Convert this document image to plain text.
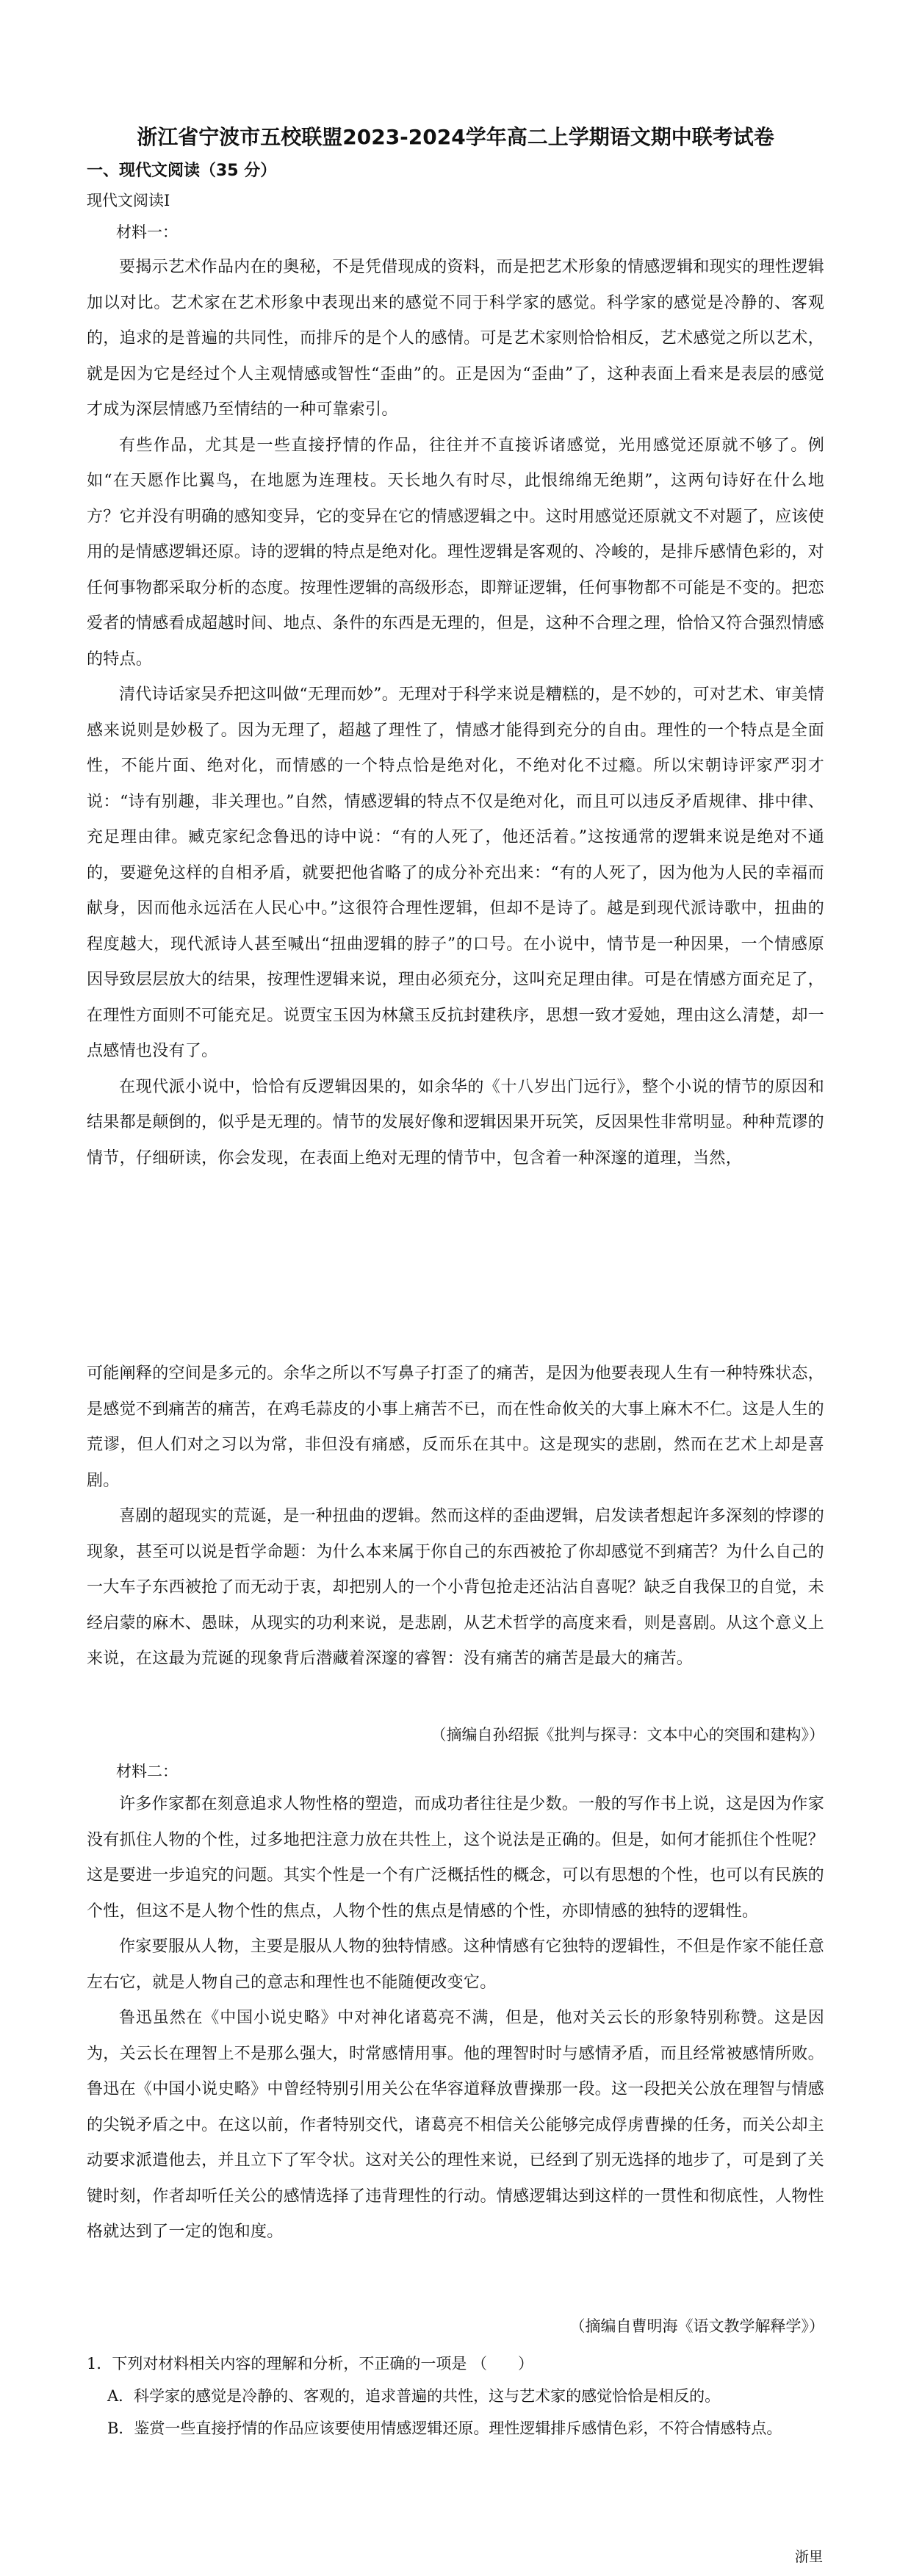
浙江省宁波市五校联盟2023-2024学年高二上学期语文期中联考试卷
一、现代文阅读（35 分）
现代文阅读Ⅰ
材料一：

要揭示艺术作品内在的奥秘，不是凭借现成的资料，而是把艺术形象的情感逻辑和现实的理性逻辑加以对比。艺术家在艺术形象中表现出来的感觉不同于科学家的感觉。科学家的感觉是冷静的、客观的，追求的是普遍的共同性，而排斥的是个人的感情。可是艺术家则恰恰相反，艺术感觉之所以艺术，就是因为它是经过个人主观情感或智性“歪曲”的。正是因为“歪曲”了，这种表面上看来是表层的感觉才成为深层情感乃至情结的一种可靠索引。

有些作品，尤其是一些直接抒情的作品，往往并不直接诉诸感觉，光用感觉还原就不够了。例如“在天愿作比翼鸟，在地愿为连理枝。天长地久有时尽，此恨绵绵无绝期”，这两句诗好在什么地方？它并没有明确的感知变异，它的变异在它的情感逻辑之中。这时用感觉还原就文不对题了，应该使用的是情感逻辑还原。诗的逻辑的特点是绝对化。理性逻辑是客观的、冷峻的，是排斥感情色彩的，对任何事物都采取分析的态度。按理性逻辑的高级形态，即辩证逻辑，任何事物都不可能是不变的。把恋爱者的情感看成超越时间、地点、条件的东西是无理的，但是，这种不合理之理，恰恰又符合强烈情感的特点。

清代诗话家吴乔把这叫做“无理而妙”。无理对于科学来说是糟糕的，是不妙的，可对艺术、审美情感来说则是妙极了。因为无理了，超越了理性了，情感才能得到充分的自由。理性的一个特点是全面性，不能片面、绝对化，而情感的一个特点恰是绝对化，不绝对化不过瘾。所以宋朝诗评家严羽才说：“诗有别趣，非关理也。”自然，情感逻辑的特点不仅是绝对化，而且可以违反矛盾规律、排中律、充足理由律。臧克家纪念鲁迅的诗中说：“有的人死了，他还活着。”这按通常的逻辑来说是绝对不通的，要避免这样的自相矛盾，就要把他省略了的成分补充出来：“有的人死了，因为他为人民的幸福而献身，因而他永远活在人民心中。”这很符合理性逻辑，但却不是诗了。越是到现代派诗歌中，扭曲的程度越大，现代派诗人甚至喊出“扭曲逻辑的脖子”的口号。在小说中，情节是一种因果，一个情感原因导致层层放大的结果，按理性逻辑来说，理由必须充分，这叫充足理由律。可是在情感方面充足了，在理性方面则不可能充足。说贾宝玉因为林黛玉反抗封建秩序，思想一致才爱她，理由这么清楚，却一点感情也没有了。

在现代派小说中，恰恰有反逻辑因果的，如余华的《十八岁出门远行》，整个小说的情节的原因和结果都是颠倒的，似乎是无理的。情节的发展好像和逻辑因果开玩笑，反因果性非常明显。种种荒谬的情节，仔细研读，你会发现，在表面上绝对无理的情节中，包含着一种深邃的道理，当然，

可能阐释的空间是多元的。余华之所以不写鼻子打歪了的痛苦，是因为他要表现人生有一种特殊状态，是感觉不到痛苦的痛苦，在鸡毛蒜皮的小事上痛苦不已，而在性命攸关的大事上麻木不仁。这是人生的荒谬，但人们对之习以为常，非但没有痛感，反而乐在其中。这是现实的悲剧，然而在艺术上却是喜剧。

喜剧的超现实的荒诞，是一种扭曲的逻辑。然而这样的歪曲逻辑，启发读者想起许多深刻的悖谬的现象，甚至可以说是哲学命题：为什么本来属于你自己的东西被抢了你却感觉不到痛苦？为什么自己的一大车子东西被抢了而无动于衷，却把别人的一个小背包抢走还沾沾自喜呢？缺乏自我保卫的自觉，未经启蒙的麻木、愚昧，从现实的功利来说，是悲剧，从艺术哲学的高度来看，则是喜剧。从这个意义上来说，在这最为荒诞的现象背后潜藏着深邃的睿智：没有痛苦的痛苦是最大的痛苦。

（摘编自孙绍振《批判与探寻：文本中心的突围和建构》）
材料二：

许多作家都在刻意追求人物性格的塑造，而成功者往往是少数。一般的写作书上说，这是因为作家没有抓住人物的个性，过多地把注意力放在共性上，这个说法是正确的。但是，如何才能抓住个性呢？这是要进一步追究的问题。其实个性是一个有广泛概括性的概念，可以有思想的个性，也可以有民族的个性，但这不是人物个性的焦点，人物个性的焦点是情感的个性，亦即情感的独特的逻辑性。

作家要服从人物，主要是服从人物的独特情感。这种情感有它独特的逻辑性，不但是作家不能任意左右它，就是人物自己的意志和理性也不能随便改变它。

鲁迅虽然在《中国小说史略》中对神化诸葛亮不满，但是，他对关云长的形象特别称赞。这是因为，关云长在理智上不是那么强大，时常感情用事。他的理智时时与感情矛盾，而且经常被感情所败。鲁迅在《中国小说史略》中曾经特别引用关公在华容道释放曹操那一段。这一段把关公放在理智与情感的尖锐矛盾之中。在这以前，作者特别交代，诸葛亮不相信关公能够完成俘虏曹操的任务，而关公却主动要求派遣他去，并且立下了军令状。这对关公的理性来说，已经到了别无选择的地步了，可是到了关键时刻，作者却听任关公的感情选择了违背理性的行动。情感逻辑达到这样的一贯性和彻底性，人物性格就达到了一定的饱和度。

（摘编自曹明海《语文教学解释学》）

1．下列对材料相关内容的理解和分析，不正确的一项是 （　　）

A．科学家的感觉是冷静的、客观的，追求普遍的共性，这与艺术家的感觉恰恰是相反的。

B．鉴赏一些直接抒情的作品应该要使用情感逻辑还原。理性逻辑排斥感情色彩，不符合情感特点。

浙里
